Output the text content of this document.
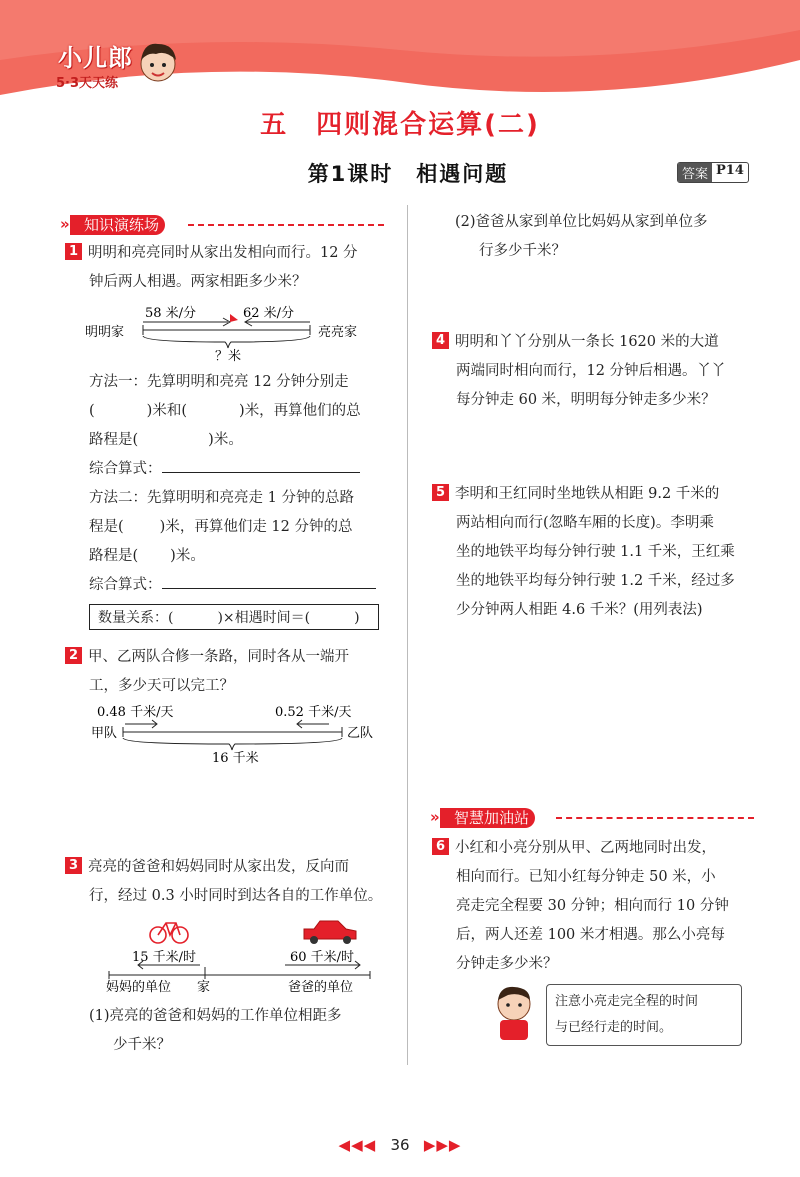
小儿郎
5·3天天练
五　四则混合运算(二)
第1课时　相遇问题	答案 P14
» 知识演练场
1 明明和亮亮同时从家出发相向而行。12 分
钟后两人相遇。两家相距多少米？
明明家
58 米/分	62 米/分
亮亮家
？米
方法一：先算明明和亮亮 12 分钟分别走
(	)米和(	)米，再算他们的总
路程是(	)米。
综合算式：
方法二：先算明明和亮亮走 1 分钟的总路
程是( )米，再算他们走 12 分钟的总
路程是( )米。
综合算式：
数量关系：(	)×相遇时间＝(	)
2 甲、乙两队合修一条路，同时各从一端开
工，多少天可以完工？
0.48 千米/天	0.52 千米/天
甲队	乙队
16 千米
3 亮亮的爸爸和妈妈同时从家出发，反向而
行，经过 0.3 小时同时到达各自的工作单位。
15 千米/时	60 千米/时
妈妈的单位 家	爸爸的单位
(1)亮亮的爸爸和妈妈的工作单位相距多
少千米？
(2)爸爸从家到单位比妈妈从家到单位多
行多少千米？
4 明明和丫丫分别从一条长 1620 米的大道
两端同时相向而行，12 分钟后相遇。丫丫
每分钟走 60 米，明明每分钟走多少米？
5 李明和王红同时坐地铁从相距 9.2 千米的
两站相向而行(忽略车厢的长度)。李明乘
坐的地铁平均每分钟行驶 1.1 千米，王红乘
坐的地铁平均每分钟行驶 1.2 千米，经过多
少分钟两人相距 4.6 千米？(用列表法)
» 智慧加油站
6 小红和小亮分别从甲、乙两地同时出发，
相向而行。已知小红每分钟走 50 米，小
亮走完全程要 30 分钟；相向而行 10 分钟
后，两人还差 100 米才相遇。那么小亮每
分钟走多少米？
注意小亮走完全程的时间
与已经行走的时间。
◀◀◀ 36 ▶▶▶
